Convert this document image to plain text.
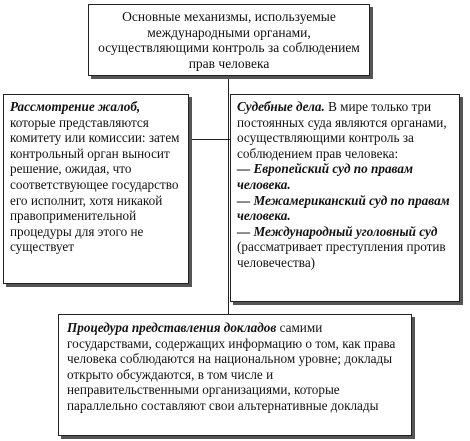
Основные механизмы, используемые международными органами, осуществляющими контроль за соблюдением прав человека
Рассмотрение жалоб, которые представляются комитету или комиссии: затем контрольный орган выносит решение, ожидая, что соответствующее государство его исполнит, хотя никакой правоприменительной процедуры для этого не существует
Судебные дела. В мире только три постоянных суда являются органами, осуществляющими контроль за соблюдением прав человека:
— Европейский суд по правам человека.
— Межамериканский суд по правам человека.
— Международный уголовный суд (рассматривает преступления против человечества)
Процедура представления докладов самими государствами, содержащих информацию о том, как права человека соблюдаются на национальном уровне; доклады открыто обсуждаются, в том числе и неправительственными организациями, которые параллельно составляют свои альтернативные доклады
